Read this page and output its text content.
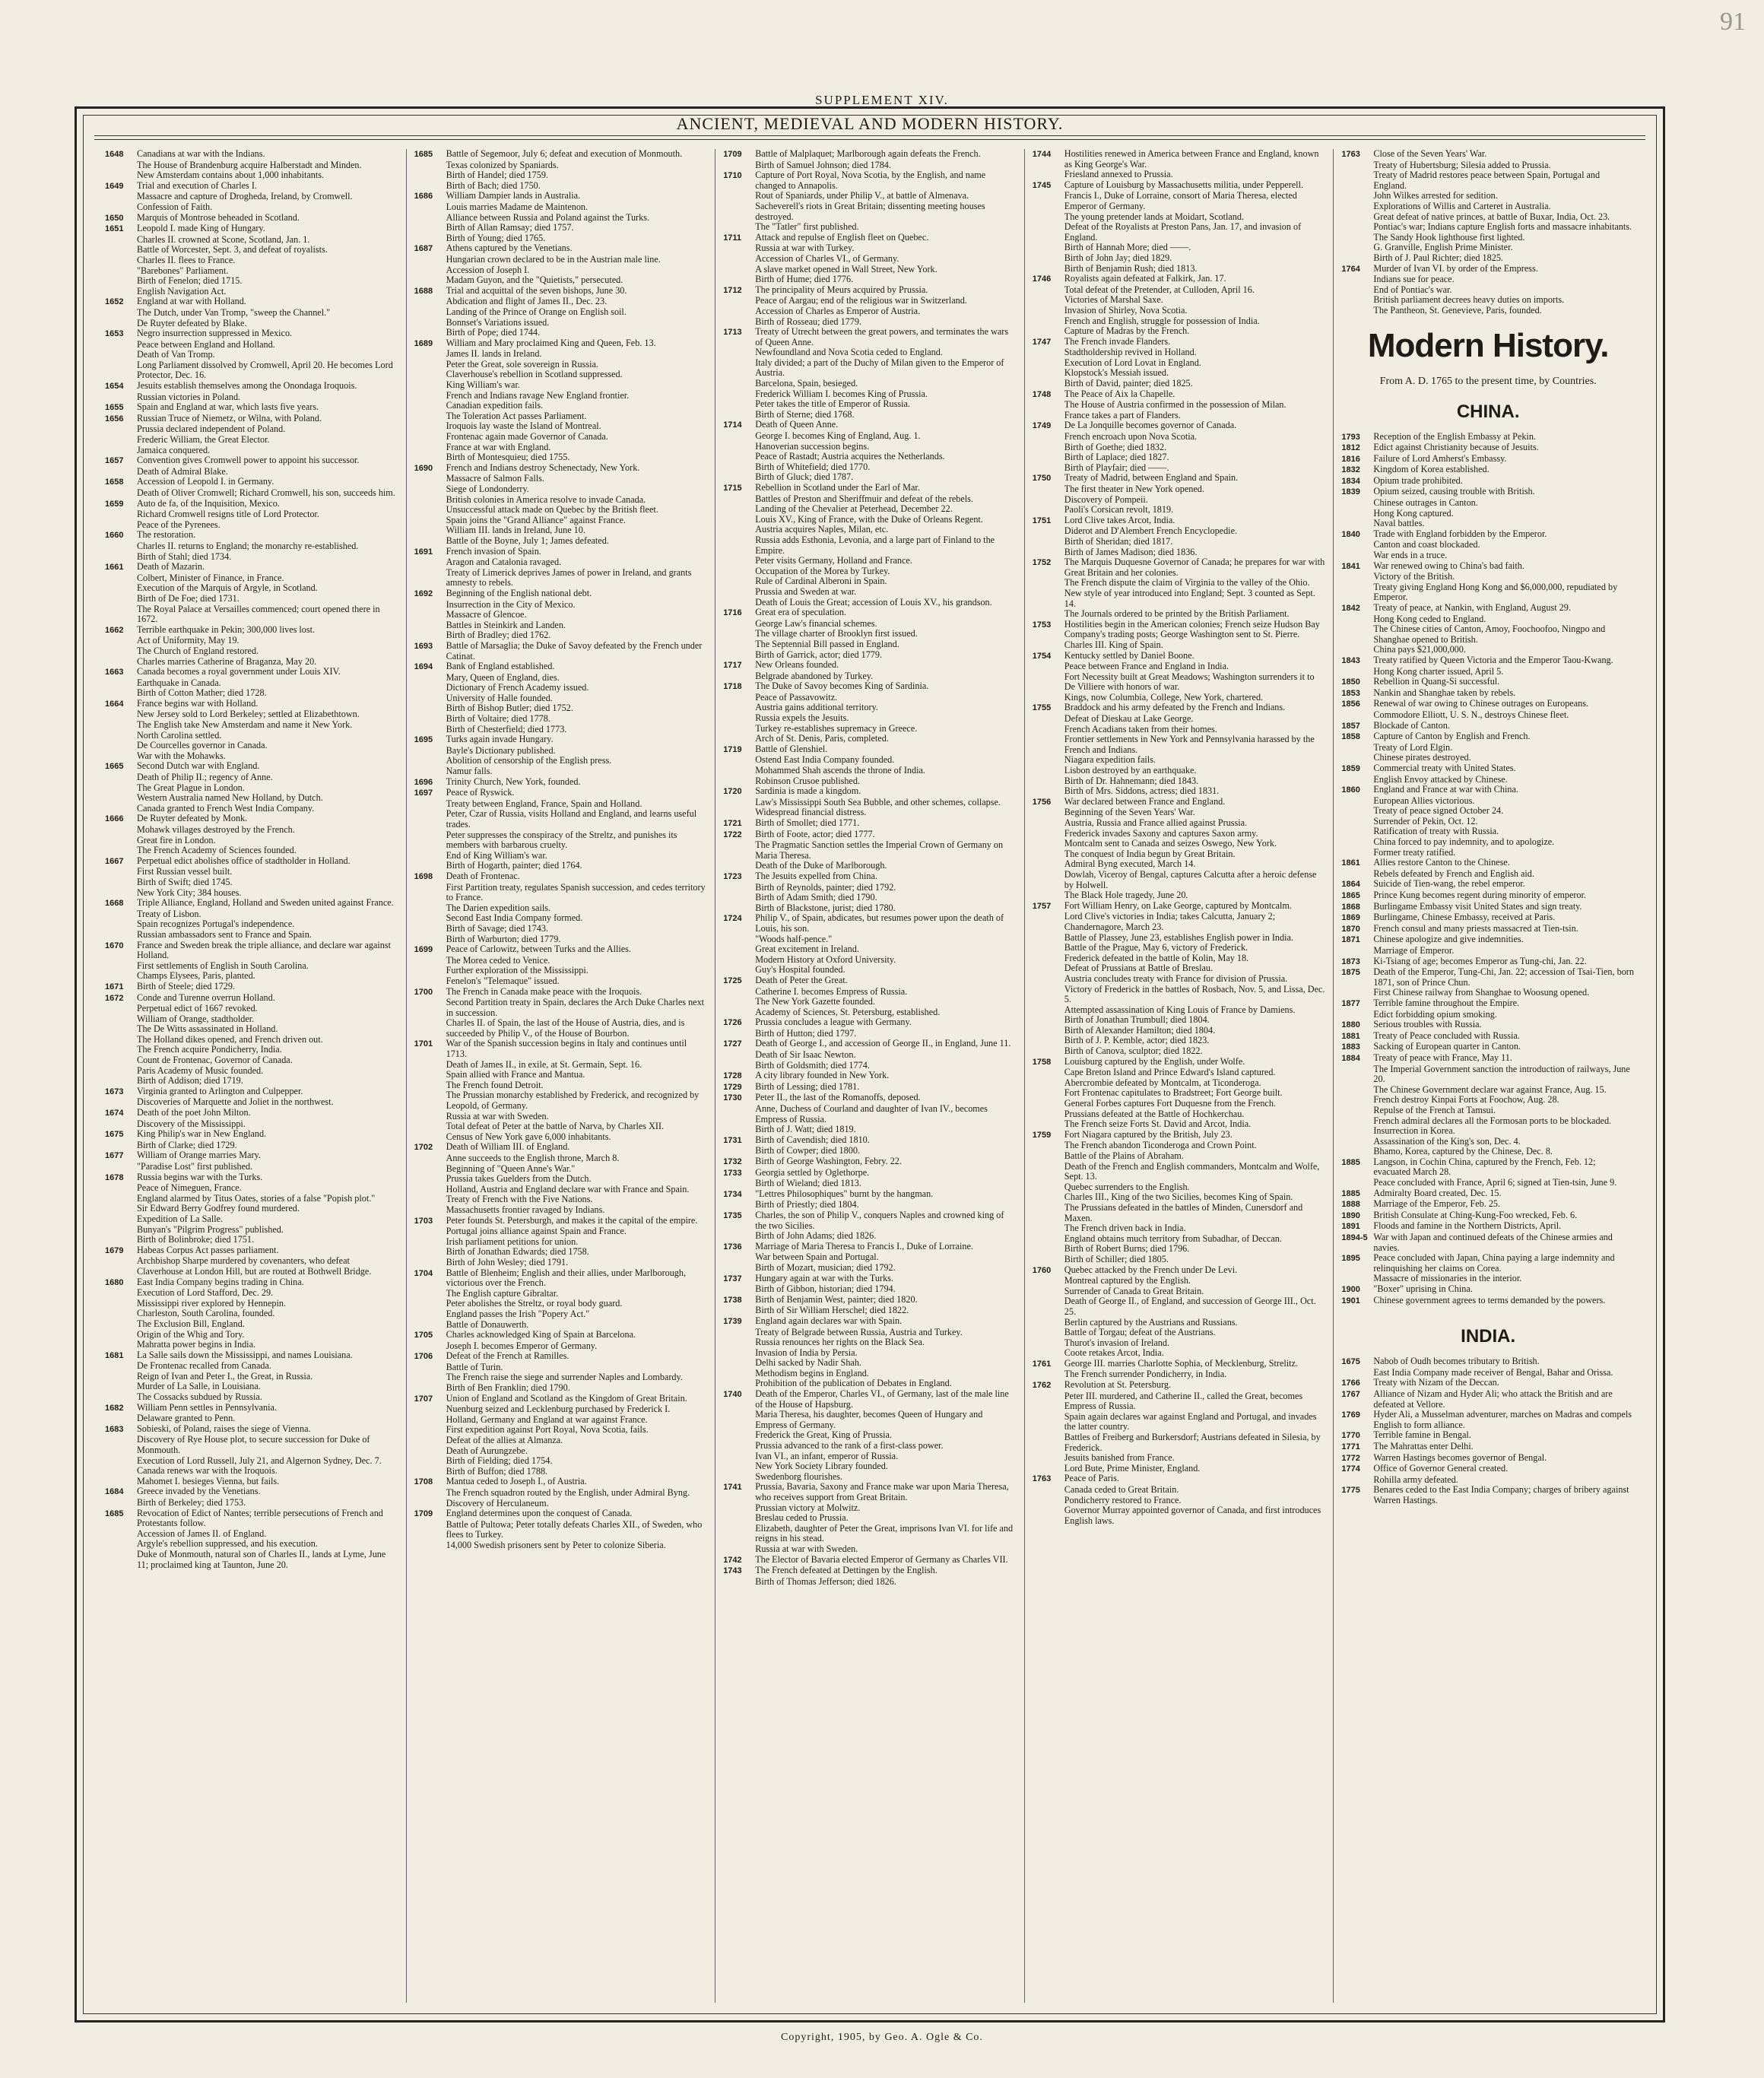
91
SUPPLEMENT XIV.
ANCIENT, MEDIEVAL AND MODERN HISTORY.
1648	Canadians at war with the Indians.
The House of Brandenburg acquire Halberstadt and Minden.
New Amsterdam contains about 1,000 inhabitants.
1649	Trial and execution of Charles I.
Massacre and capture of Drogheda, Ireland, by Cromwell.
Confession of Faith.
1650	Marquis of Montrose beheaded in Scotland.
1651	Leopold I. made King of Hungary.
Charles II. crowned at Scone, Scotland, Jan. 1.
Battle of Worcester, Sept. 3, and defeat of royalists.
Charles II. flees to France.
"Barebones" Parliament.
Birth of Fenelon; died 1715.
English Navigation Act.
1652	England at war with Holland.
The Dutch, under Van Tromp, "sweep the Channel."
De Ruyter defeated by Blake.
1653	Negro insurrection suppressed in Mexico.
Peace between England and Holland.
Death of Van Tromp.
Long Parliament dissolved by Cromwell, April 20. He becomes Lord Protector, Dec. 16.
1654	Jesuits establish themselves among the Onondaga Iroquois.
Russian victories in Poland.
1655	Spain and England at war, which lasts five years.
1656	Russian Truce of Niemetz, or Wilna, with Poland.
Prussia declared independent of Poland.
Frederic William, the Great Elector.
Jamaica conquered.
1657	Convention gives Cromwell power to appoint his successor.
Death of Admiral Blake.
1658	Accession of Leopold I. in Germany.
Death of Oliver Cromwell; Richard Cromwell, his son, succeeds him.
1659	Auto de fa, of the Inquisition, Mexico.
Richard Cromwell resigns title of Lord Protector.
Peace of the Pyrenees.
1660	The restoration.
Charles II. returns to England; the monarchy re-established.
Birth of Stahl; died 1734.
1661	Death of Mazarin.
Colbert, Minister of Finance, in France.
Execution of the Marquis of Argyle, in Scotland.
Birth of De Foe; died 1731.
The Royal Palace at Versailles commenced; court opened there in 1672.
1662	Terrible earthquake in Pekin; 300,000 lives lost.
Act of Uniformity, May 19.
The Church of England restored.
Charles marries Catherine of Braganza, May 20.
1663	Canada becomes a royal government under Louis XIV.
Earthquake in Canada.
Birth of Cotton Mather; died 1728.
1664	France begins war with Holland.
New Jersey sold to Lord Berkeley; settled at Elizabethtown.
The English take New Amsterdam and name it New York.
North Carolina settled.
De Courcelles governor in Canada.
War with the Mohawks.
1665	Second Dutch war with England.
Death of Philip II.; regency of Anne.
The Great Plague in London.
Western Australia named New Holland, by Dutch.
Canada granted to French West India Company.
1666	De Ruyter defeated by Monk.
Mohawk villages destroyed by the French.
Great fire in London.
The French Academy of Sciences founded.
1667	Perpetual edict abolishes office of stadtholder in Holland.
First Russian vessel built.
Birth of Swift; died 1745.
New York City; 384 houses.
1668	Triple Alliance, England, Holland and Sweden united against France.
Treaty of Lisbon.
Spain recognizes Portugal's independence.
Russian ambassadors sent to France and Spain.
1670	France and Sweden break the triple alliance, and declare war against Holland.
First settlements of English in South Carolina.
Champs Elysees, Paris, planted.
1671	Birth of Steele; died 1729.
1672	Conde and Turenne overrun Holland.
Perpetual edict of 1667 revoked.
William of Orange, stadtholder.
The De Witts assassinated in Holland.
The Holland dikes opened, and French driven out.
The French acquire Pondicherry, India.
Count de Frontenac, Governor of Canada.
Paris Academy of Music founded.
Birth of Addison; died 1719.
1673	Virginia granted to Arlington and Culpepper.
Discoveries of Marquette and Joliet in the northwest.
1674	Death of the poet John Milton.
Discovery of the Mississippi.
1675	King Philip's war in New England.
Birth of Clarke; died 1729.
1677	William of Orange marries Mary.
"Paradise Lost" first published.
1678	Russia begins war with the Turks.
Peace of Nimeguen, France.
England alarmed by Titus Oates, stories of a false "Popish plot."
Sir Edward Berry Godfrey found murdered.
Expedition of La Salle.
Bunyan's "Pilgrim Progress" published.
Birth of Bolinbroke; died 1751.
1679	Habeas Corpus Act passes parliament.
Archbishop Sharpe murdered by covenanters, who defeat Claverhouse at London Hill, but are routed at Bothwell Bridge.
1680	East India Company begins trading in China.
Execution of Lord Stafford, Dec. 29.
Mississippi river explored by Hennepin.
Charleston, South Carolina, founded.
The Exclusion Bill, England.
Origin of the Whig and Tory.
Mahratta power begins in India.
1681	La Salle sails down the Mississippi, and names Louisiana.
De Frontenac recalled from Canada.
Reign of Ivan and Peter I., the Great, in Russia.
Murder of La Salle, in Louisiana.
The Cossacks subdued by Russia.
1682	William Penn settles in Pennsylvania.
Delaware granted to Penn.
1683	Sobieski, of Poland, raises the siege of Vienna.
Discovery of Rye House plot, to secure succession for Duke of Monmouth.
Execution of Lord Russell, July 21, and Algernon Sydney, Dec. 7.
Canada renews war with the Iroquois.
Mahomet I. besieges Vienna, but fails.
1684	Greece invaded by the Venetians.
Birth of Berkeley; died 1753.
1685	Revocation of Edict of Nantes; terrible persecutions of French and Protestants follow.
Accession of James II. of England.
Argyle's rebellion suppressed, and his execution.
Duke of Monmouth, natural son of Charles II., lands at Lyme, June 11; proclaimed king at Taunton, June 20.
1685	Battle of Segemoor, July 6; defeat and execution of Monmouth.
Texas colonized by Spaniards.
Birth of Handel; died 1759.
Birth of Bach; died 1750.
1686	William Dampier lands in Australia.
Louis marries Madame de Maintenon.
Alliance between Russia and Poland against the Turks.
Birth of Allan Ramsay; died 1757.
Birth of Young; died 1765.
1687	Athens captured by the Venetians.
Hungarian crown declared to be in the Austrian male line.
Accession of Joseph I.
Madam Guyon, and the "Quietists," persecuted.
1688	Trial and acquittal of the seven bishops, June 30.
Abdication and flight of James II., Dec. 23.
Landing of the Prince of Orange on English soil.
Bonnset's Variations issued.
Birth of Pope; died 1744.
1689	William and Mary proclaimed King and Queen, Feb. 13.
James II. lands in Ireland.
Peter the Great, sole sovereign in Russia.
Claverhouse's rebellion in Scotland suppressed.
King William's war.
French and Indians ravage New England frontier.
Canadian expedition fails.
The Toleration Act passes Parliament.
Iroquois lay waste the Island of Montreal.
Frontenac again made Governor of Canada.
France at war with England.
Birth of Montesquieu; died 1755.
1690	French and Indians destroy Schenectady, New York.
Massacre of Salmon Falls.
Siege of Londonderry.
British colonies in America resolve to invade Canada.
Unsuccessful attack made on Quebec by the British fleet.
Spain joins the "Grand Alliance" against France.
William III. lands in Ireland, June 10.
Battle of the Boyne, July 1; James defeated.
1691	French invasion of Spain.
Aragon and Catalonia ravaged.
Treaty of Limerick deprives James of power in Ireland, and grants amnesty to rebels.
1692	Beginning of the English national debt.
Insurrection in the City of Mexico.
Massacre of Glencoe.
Battles in Steinkirk and Landen.
Birth of Bradley; died 1762.
1693	Battle of Marsaglia; the Duke of Savoy defeated by the French under Catinat.
1694	Bank of England established.
Mary, Queen of England, dies.
Dictionary of French Academy issued.
University of Halle founded.
Birth of Bishop Butler; died 1752.
Birth of Voltaire; died 1778.
Birth of Chesterfield; died 1773.
1695	Turks again invade Hungary.
Bayle's Dictionary published.
Abolition of censorship of the English press.
Namur falls.
1696	Trinity Church, New York, founded.
1697	Peace of Ryswick.
Treaty between England, France, Spain and Holland.
Peter, Czar of Russia, visits Holland and England, and learns useful trades.
Peter suppresses the conspiracy of the Streltz, and punishes its members with barbarous cruelty.
End of King William's war.
Birth of Hogarth, painter; died 1764.
1698	Death of Frontenac.
First Partition treaty, regulates Spanish succession, and cedes territory to France.
The Darien expedition sails.
Second East India Company formed.
Birth of Savage; died 1743.
Birth of Warburton; died 1779.
1699	Peace of Carlowitz, between Turks and the Allies.
The Morea ceded to Venice.
Further exploration of the Mississippi.
Fenelon's "Telemaque" issued.
1700	The French in Canada make peace with the Iroquois.
Second Partition treaty in Spain, declares the Arch Duke Charles next in succession.
Charles II. of Spain, the last of the House of Austria, dies, and is succeeded by Philip V., of the House of Bourbon.
1701	War of the Spanish succession begins in Italy and continues until 1713.
Death of James II., in exile, at St. Germain, Sept. 16.
Spain allied with France and Mantua.
The French found Detroit.
The Prussian monarchy established by Frederick, and recognized by Leopold, of Germany.
Russia at war with Sweden.
Total defeat of Peter at the battle of Narva, by Charles XII.
Census of New York gave 6,000 inhabitants.
1702	Death of William III. of England.
Anne succeeds to the English throne, March 8.
Beginning of "Queen Anne's War."
Prussia takes Guelders from the Dutch.
Holland, Austria and England declare war with France and Spain.
Treaty of French with the Five Nations.
Massachusetts frontier ravaged by Indians.
1703	Peter founds St. Petersburgh, and makes it the capital of the empire.
Portugal joins alliance against Spain and France.
Irish parliament petitions for union.
Birth of Jonathan Edwards; died 1758.
Birth of John Wesley; died 1791.
1704	Battle of Blenheim; English and their allies, under Marlborough, victorious over the French.
The English capture Gibraltar.
Peter abolishes the Streltz, or royal body guard.
England passes the Irish "Popery Act."
Battle of Donauwerth.
1705	Charles acknowledged King of Spain at Barcelona.
Joseph I. becomes Emperor of Germany.
1706	Defeat of the French at Ramilles.
Battle of Turin.
The French raise the siege and surrender Naples and Lombardy.
Birth of Ben Franklin; died 1790.
1707	Union of England and Scotland as the Kingdom of Great Britain.
Nuenburg seized and Lecklenburg purchased by Frederick I.
Holland, Germany and England at war against France.
First expedition against Port Royal, Nova Scotia, fails.
Defeat of the allies at Almanza.
Death of Aurungzebe.
Birth of Fielding; died 1754.
Birth of Buffon; died 1788.
1708	Mantua ceded to Joseph I., of Austria.
The French squadron routed by the English, under Admiral Byng.
Discovery of Herculaneum.
1709	England determines upon the conquest of Canada.
Battle of Pultowa; Peter totally defeats Charles XII., of Sweden, who flees to Turkey.
14,000 Swedish prisoners sent by Peter to colonize Siberia.
1709	Battle of Malplaquet; Marlborough again defeats the French.
Birth of Samuel Johnson; died 1784.
1710	Capture of Port Royal, Nova Scotia, by the English, and name changed to Annapolis.
Rout of Spaniards, under Philip V., at battle of Almenava.
Sacheverell's riots in Great Britain; dissenting meeting houses destroyed.
The "Tatler" first published.
1711	Attack and repulse of English fleet on Quebec.
Russia at war with Turkey.
Accession of Charles VI., of Germany.
A slave market opened in Wall Street, New York.
Birth of Hume; died 1776.
1712	The principality of Meurs acquired by Prussia.
Peace of Aargau; end of the religious war in Switzerland.
Accession of Charles as Emperor of Austria.
Birth of Rosseau; died 1779.
1713	Treaty of Utrecht between the great powers, and terminates the wars of Queen Anne.
Newfoundland and Nova Scotia ceded to England.
Italy divided; a part of the Duchy of Milan given to the Emperor of Austria.
Barcelona, Spain, besieged.
Frederick William I. becomes King of Prussia.
Peter takes the title of Emperor of Russia.
Birth of Sterne; died 1768.
1714	Death of Queen Anne.
George I. becomes King of England, Aug. 1.
Hanoverian succession begins.
Peace of Rastadt; Austria acquires the Netherlands.
Birth of Whitefield; died 1770.
Birth of Gluck; died 1787.
1715	Rebellion in Scotland under the Earl of Mar.
Battles of Preston and Sheriffmuir and defeat of the rebels.
Landing of the Chevalier at Peterhead, December 22.
Louis XV., King of France, with the Duke of Orleans Regent.
Austria acquires Naples, Milan, etc.
Russia adds Esthonia, Levonia, and a large part of Finland to the Empire.
Peter visits Germany, Holland and France.
Occupation of the Morea by Turkey.
Rule of Cardinal Alberoni in Spain.
Prussia and Sweden at war.
Death of Louis the Great; accession of Louis XV., his grandson.
1716	Great era of speculation.
George Law's financial schemes.
The village charter of Brooklyn first issued.
The Septennial Bill passed in England.
Birth of Garrick, actor; died 1779.
1717	New Orleans founded.
Belgrade abandoned by Turkey.
1718	The Duke of Savoy becomes King of Sardinia.
Peace of Passavowitz.
Austria gains additional territory.
Russia expels the Jesuits.
Turkey re-establishes supremacy in Greece.
Arch of St. Denis, Paris, completed.
1719	Battle of Glenshiel.
Ostend East India Company founded.
Mohammed Shah ascends the throne of India.
Robinson Crusoe published.
1720	Sardinia is made a kingdom.
Law's Mississippi South Sea Bubble, and other schemes, collapse.
Widespread financial distress.
1721	Birth of Smollet; died 1771.
1722	Birth of Foote, actor; died 1777.
The Pragmatic Sanction settles the Imperial Crown of Germany on Maria Theresa.
Death of the Duke of Marlborough.
1723	The Jesuits expelled from China.
Birth of Reynolds, painter; died 1792.
Birth of Adam Smith; died 1790.
Birth of Blackstone, jurist; died 1780.
1724	Philip V., of Spain, abdicates, but resumes power upon the death of Louis, his son.
"Woods half-pence."
Great excitement in Ireland.
Modern History at Oxford University.
Guy's Hospital founded.
1725	Death of Peter the Great.
Catherine I. becomes Empress of Russia.
The New York Gazette founded.
Academy of Sciences, St. Petersburg, established.
1726	Prussia concludes a league with Germany.
Birth of Hutton; died 1797.
1727	Death of George I., and accession of George II., in England, June 11.
Death of Sir Isaac Newton.
Birth of Goldsmith; died 1774.
1728	A city library founded in New York.
1729	Birth of Lessing; died 1781.
1730	Peter II., the last of the Romanoffs, deposed.
Anne, Duchess of Courland and daughter of Ivan IV., becomes Empress of Russia.
Birth of J. Watt; died 1819.
1731	Birth of Cavendish; died 1810.
Birth of Cowper; died 1800.
1732	Birth of George Washington, Febry. 22.
1733	Georgia settled by Oglethorpe.
Birth of Wieland; died 1813.
1734	"Lettres Philosophiques" burnt by the hangman.
Birth of Priestly; died 1804.
1735	Charles, the son of Philip V., conquers Naples and crowned king of the two Sicilies.
Birth of John Adams; died 1826.
1736	Marriage of Maria Theresa to Francis I., Duke of Lorraine.
War between Spain and Portugal.
Birth of Mozart, musician; died 1792.
1737	Hungary again at war with the Turks.
Birth of Gibbon, historian; died 1794.
1738	Birth of Benjamin West, painter; died 1820.
Birth of Sir William Herschel; died 1822.
1739	England again declares war with Spain.
Treaty of Belgrade between Russia, Austria and Turkey.
Russia renounces her rights on the Black Sea.
Invasion of India by Persia.
Delhi sacked by Nadir Shah.
Methodism begins in England.
Prohibition of the publication of Debates in England.
1740	Death of the Emperor, Charles VI., of Germany, last of the male line of the House of Hapsburg.
Maria Theresa, his daughter, becomes Queen of Hungary and Empress of Germany.
Frederick the Great, King of Prussia.
Prussia advanced to the rank of a first-class power.
Ivan VI., an infant, emperor of Russia.
New York Society Library founded.
Swedenborg flourishes.
1741	Prussia, Bavaria, Saxony and France make war upon Maria Theresa, who receives support from Great Britain.
Prussian victory at Molwitz.
Breslau ceded to Prussia.
Elizabeth, daughter of Peter the Great, imprisons Ivan VI. for life and reigns in his stead.
Russia at war with Sweden.
1742	The Elector of Bavaria elected Emperor of Germany as Charles VII.
1743	The French defeated at Dettingen by the English.
Birth of Thomas Jefferson; died 1826.
1744	Hostilities renewed in America between France and England, known as King George's War.
Friesland annexed to Prussia.
1745	Capture of Louisburg by Massachusetts militia, under Pepperell.
Francis I., Duke of Lorraine, consort of Maria Theresa, elected Emperor of Germany.
The young pretender lands at Moidart, Scotland.
Defeat of the Royalists at Preston Pans, Jan. 17, and invasion of England.
Birth of Hannah More; died ——.
Birth of John Jay; died 1829.
Birth of Benjamin Rush; died 1813.
1746	Royalists again defeated at Falkirk, Jan. 17.
Total defeat of the Pretender, at Culloden, April 16.
Victories of Marshal Saxe.
Invasion of Shirley, Nova Scotia.
French and English, struggle for possession of India.
Capture of Madras by the French.
1747	The French invade Flanders.
Stadtholdership revived in Holland.
Execution of Lord Lovat in England.
Klopstock's Messiah issued.
Birth of David, painter; died 1825.
1748	The Peace of Aix la Chapelle.
The House of Austria confirmed in the possession of Milan.
France takes a part of Flanders.
1749	De La Jonquille becomes governor of Canada.
French encroach upon Nova Scotia.
Birth of Goethe; died 1832.
Birth of Laplace; died 1827.
Birth of Playfair; died ——.
1750	Treaty of Madrid, between England and Spain.
The first theater in New York opened.
Discovery of Pompeii.
Paoli's Corsican revolt, 1819.
1751	Lord Clive takes Arcot, India.
Diderot and D'Alembert French Encyclopedie.
Birth of Sheridan; died 1817.
Birth of James Madison; died 1836.
1752	The Marquis Duquesne Governor of Canada; he prepares for war with Great Britain and her colonies.
The French dispute the claim of Virginia to the valley of the Ohio.
New style of year introduced into England; Sept. 3 counted as Sept. 14.
The Journals ordered to be printed by the British Parliament.
1753	Hostilities begin in the American colonies; French seize Hudson Bay Company's trading posts; George Washington sent to St. Pierre.
Charles III. King of Spain.
1754	Kentucky settled by Daniel Boone.
Peace between France and England in India.
Fort Necessity built at Great Meadows; Washington surrenders it to De Villiere with honors of war.
Kings, now Columbia, College, New York, chartered.
1755	Braddock and his army defeated by the French and Indians.
Defeat of Dieskau at Lake George.
French Acadians taken from their homes.
Frontier settlements in New York and Pennsylvania harassed by the French and Indians.
Niagara expedition fails.
Lisbon destroyed by an earthquake.
Birth of Dr. Hahnemann; died 1843.
Birth of Mrs. Siddons, actress; died 1831.
1756	War declared between France and England.
Beginning of the Seven Years' War.
Austria, Russia and France allied against Prussia.
Frederick invades Saxony and captures Saxon army.
Montcalm sent to Canada and seizes Oswego, New York.
The conquest of India begun by Great Britain.
Admiral Byng executed, March 14.
Dowlah, Viceroy of Bengal, captures Calcutta after a heroic defense by Holwell.
The Black Hole tragedy, June 20.
1757	Fort William Henry, on Lake George, captured by Montcalm.
Lord Clive's victories in India; takes Calcutta, January 2; Chandernagore, March 23.
Battle of Plassey, June 23, establishes English power in India.
Battle of the Prague, May 6, victory of Frederick.
Frederick defeated in the battle of Kolin, May 18.
Defeat of Prussians at Battle of Breslau.
Austria concludes treaty with France for division of Prussia.
Victory of Frederick in the battles of Rosbach, Nov. 5, and Lissa, Dec. 5.
Attempted assassination of King Louis of France by Damiens.
Birth of Jonathan Trumbull; died 1804.
Birth of Alexander Hamilton; died 1804.
Birth of J. P. Kemble, actor; died 1823.
Birth of Canova, sculptor; died 1822.
1758	Louisburg captured by the English, under Wolfe.
Cape Breton Island and Prince Edward's Island captured.
Abercrombie defeated by Montcalm, at Ticonderoga.
Fort Frontenac capitulates to Bradstreet; Fort George built.
General Forbes captures Fort Duquesne from the French.
Prussians defeated at the Battle of Hochkerchau.
The French seize Forts St. David and Arcot, India.
1759	Fort Niagara captured by the British, July 23.
The French abandon Ticonderoga and Crown Point.
Battle of the Plains of Abraham.
Death of the French and English commanders, Montcalm and Wolfe, Sept. 13.
Quebec surrenders to the English.
Charles III., King of the two Sicilies, becomes King of Spain.
The Prussians defeated in the battles of Minden, Cunersdorf and Maxen.
The French driven back in India.
England obtains much territory from Subadhar, of Deccan.
Birth of Robert Burns; died 1796.
Birth of Schiller; died 1805.
1760	Quebec attacked by the French under De Levi.
Montreal captured by the English.
Surrender of Canada to Great Britain.
Death of George II., of England, and succession of George III., Oct. 25.
Berlin captured by the Austrians and Russians.
Battle of Torgau; defeat of the Austrians.
Thurot's invasion of Ireland.
Coote retakes Arcot, India.
1761	George III. marries Charlotte Sophia, of Mecklenburg, Strelitz.
The French surrender Pondicherry, in India.
1762	Revolution at St. Petersburg.
Peter III. murdered, and Catherine II., called the Great, becomes Empress of Russia.
Spain again declares war against England and Portugal, and invades the latter country.
Battles of Freiberg and Burkersdorf; Austrians defeated in Silesia, by Frederick.
Jesuits banished from France.
Lord Bute, Prime Minister, England.
1763	Peace of Paris.
Canada ceded to Great Britain.
Pondicherry restored to France.
Governor Murray appointed governor of Canada, and first introduces English laws.
1763	Close of the Seven Years' War.
Treaty of Hubertsburg; Silesia added to Prussia.
Treaty of Madrid restores peace between Spain, Portugal and England.
John Wilkes arrested for sedition.
Explorations of Willis and Carteret in Australia.
Great defeat of native princes, at battle of Buxar, India, Oct. 23.
Pontiac's war; Indians capture English forts and massacre inhabitants.
The Sandy Hook lighthouse first lighted.
G. Granville, English Prime Minister.
Birth of J. Paul Richter; died 1825.
1764	Murder of Ivan VI. by order of the Empress.
Indians sue for peace.
End of Pontiac's war.
British parliament decrees heavy duties on imports.
The Pantheon, St. Genevieve, Paris, founded.
Modern History.
From A. D. 1765 to the present time, by Countries.
CHINA.
1793	Reception of the English Embassy at Pekin.
1812	Edict against Christianity because of Jesuits.
1816	Failure of Lord Amherst's Embassy.
1832	Kingdom of Korea established.
1834	Opium trade prohibited.
1839	Opium seized, causing trouble with British.
Chinese outrages in Canton.
Hong Kong captured.
Naval battles.
1840	Trade with England forbidden by the Emperor.
Canton and coast blockaded.
War ends in a truce.
1841	War renewed owing to China's bad faith.
Victory of the British.
Treaty giving England Hong Kong and $6,000,000, repudiated by Emperor.
1842	Treaty of peace, at Nankin, with England, August 29.
Hong Kong ceded to England.
The Chinese cities of Canton, Amoy, Foochoofoo, Ningpo and Shanghae opened to British.
China pays $21,000,000.
1843	Treaty ratified by Queen Victoria and the Emperor Taou-Kwang.
Hong Kong charter issued, April 5.
1850	Rebellion in Quang-Si successful.
1853	Nankin and Shanghae taken by rebels.
1856	Renewal of war owing to Chinese outrages on Europeans.
Commodore Elliott, U. S. N., destroys Chinese fleet.
1857	Blockade of Canton.
1858	Capture of Canton by English and French.
Treaty of Lord Elgin.
Chinese pirates destroyed.
1859	Commercial treaty with United States.
English Envoy attacked by Chinese.
1860	England and France at war with China.
European Allies victorious.
Treaty of peace signed October 24.
Surrender of Pekin, Oct. 12.
Ratification of treaty with Russia.
China forced to pay indemnity, and to apologize.
Former treaty ratified.
1861	Allies restore Canton to the Chinese.
Rebels defeated by French and English aid.
1864	Suicide of Tien-wang, the rebel emperor.
1865	Prince Kung becomes regent during minority of emperor.
1868	Burlingame Embassy visit United States and sign treaty.
1869	Burlingame, Chinese Embassy, received at Paris.
1870	French consul and many priests massacred at Tien-tsin.
1871	Chinese apologize and give indemnities.
Marriage of Emperor.
1873	Ki-Tsiang of age; becomes Emperor as Tung-chi, Jan. 22.
1875	Death of the Emperor, Tung-Chi, Jan. 22; accession of Tsai-Tien, born 1871, son of Prince Chun.
First Chinese railway from Shanghae to Woosung opened.
1877	Terrible famine throughout the Empire.
Edict forbidding opium smoking.
1880	Serious troubles with Russia.
1881	Treaty of Peace concluded with Russia.
1883	Sacking of European quarter in Canton.
1884	Treaty of peace with France, May 11.
The Imperial Government sanction the introduction of railways, June 20.
The Chinese Government declare war against France, Aug. 15.
French destroy Kinpai Forts at Foochow, Aug. 28.
Repulse of the French at Tamsui.
French admiral declares all the Formosan ports to be blockaded.
Insurrection in Korea.
Assassination of the King's son, Dec. 4.
Bhamo, Korea, captured by the Chinese, Dec. 8.
1885	Langson, in Cochin China, captured by the French, Feb. 12; evacuated March 28.
Peace concluded with France, April 6; signed at Tien-tsin, June 9.
1885	Admiralty Board created, Dec. 15.
1888	Marriage of the Emperor, Feb. 25.
1890	British Consulate at Ching-Kung-Foo wrecked, Feb. 6.
1891	Floods and famine in the Northern Districts, April.
1894-5 War with Japan and continued defeats of the Chinese armies and navies.
1895	Peace concluded with Japan, China paying a large indemnity and relinquishing her claims on Corea.
Massacre of missionaries in the interior.
1900	"Boxer" uprising in China.
1901	Chinese government agrees to terms demanded by the powers.
INDIA.
1675	Nabob of Oudh becomes tributary to British.
East India Company made receiver of Bengal, Bahar and Orissa.
1766	Treaty with Nizam of the Deccan.
1767	Alliance of Nizam and Hyder Ali; who attack the British and are defeated at Vellore.
1769	Hyder Ali, a Musselman adventurer, marches on Madras and compels English to form alliance.
1770	Terrible famine in Bengal.
1771	The Mahrattas enter Delhi.
1772	Warren Hastings becomes governor of Bengal.
1774	Office of Governor General created.
Rohilla army defeated.
1775	Benares ceded to the East India Company; charges of bribery against Warren Hastings.
Copyright, 1905, by Geo. A. Ogle & Co.
